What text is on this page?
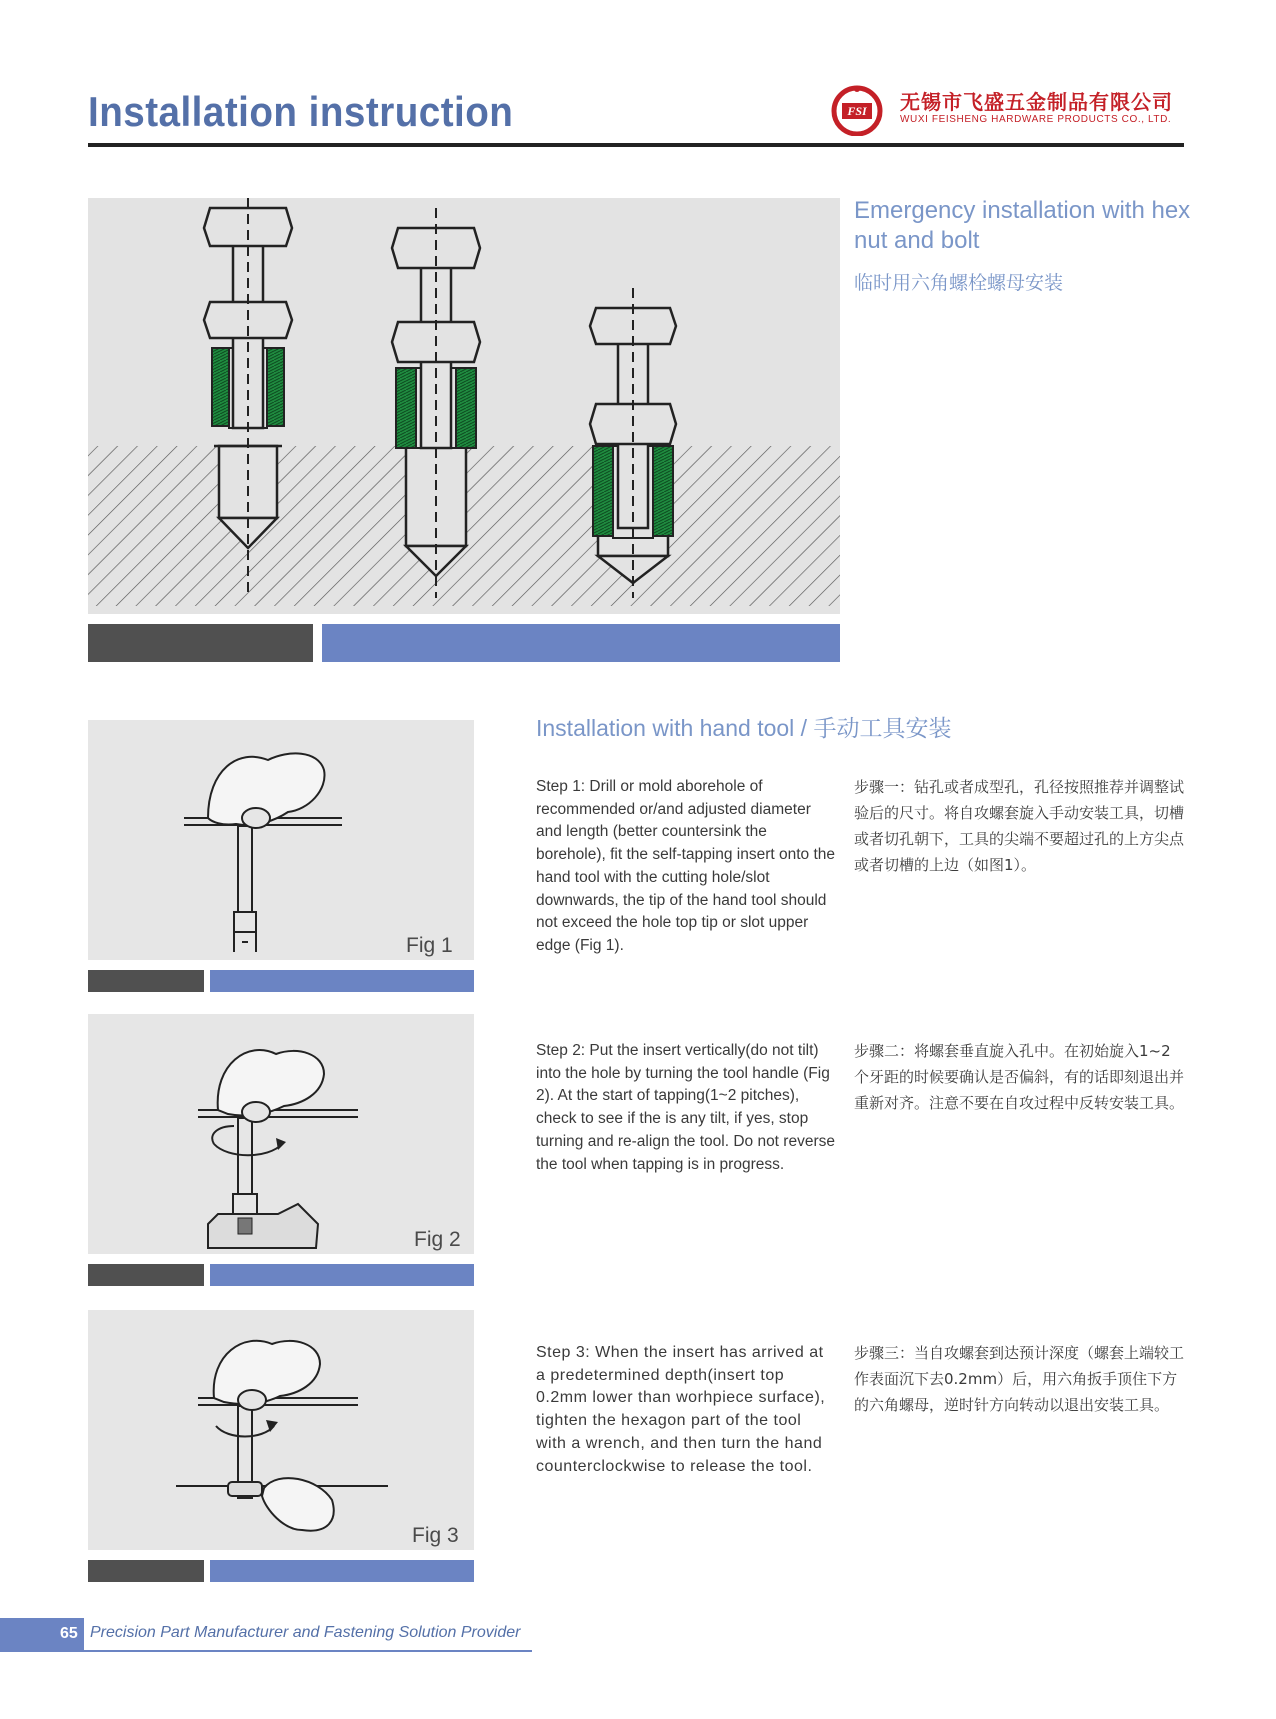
Installation instruction	FSI 无锡市飞盛五金制品有限公司
WUXI FEISHENG HARDWARE PRODUCTS CO., LTD.
Emergency installation with hex nut and bolt
临时用六角螺栓螺母安装
Installation with hand tool / 手动工具安装
Fig 1
Step 1: Drill or mold aborehole of recommended or/and adjusted diameter and length (better countersink the borehole), fit the self-tapping insert onto the hand tool with the cutting hole/slot downwards, the tip of the hand tool should not exceed the hole top tip or slot upper edge (Fig 1).
步骤一：钻孔或者成型孔，孔径按照推荐并调整试验后的尺寸。将自攻螺套旋入手动安装工具，切槽或者切孔朝下，工具的尖端不要超过孔的上方尖点或者切槽的上边（如图1）。
Fig 2
Step 2: Put the insert vertically(do not tilt) into the hole by turning the tool handle (Fig 2). At the start of tapping(1~2 pitches), check to see if the is any tilt, if yes, stop turning and re-align the tool. Do not reverse the tool when tapping is in progress.
步骤二：将螺套垂直旋入孔中。在初始旋入1~2个牙距的时候要确认是否偏斜，有的话即刻退出并重新对齐。注意不要在自攻过程中反转安装工具。
Fig 3
Step 3: When the insert has arrived at a predetermined depth(insert top 0.2mm lower than worhpiece surface), tighten the hexagon part of the tool with a wrench, and then turn the hand counterclockwise to release the tool.
步骤三：当自攻螺套到达预计深度（螺套上端较工作表面沉下去0.2mm）后，用六角扳手顶住下方的六角螺母，逆时针方向转动以退出安装工具。
65 Precision Part Manufacturer and Fastening Solution Provider
